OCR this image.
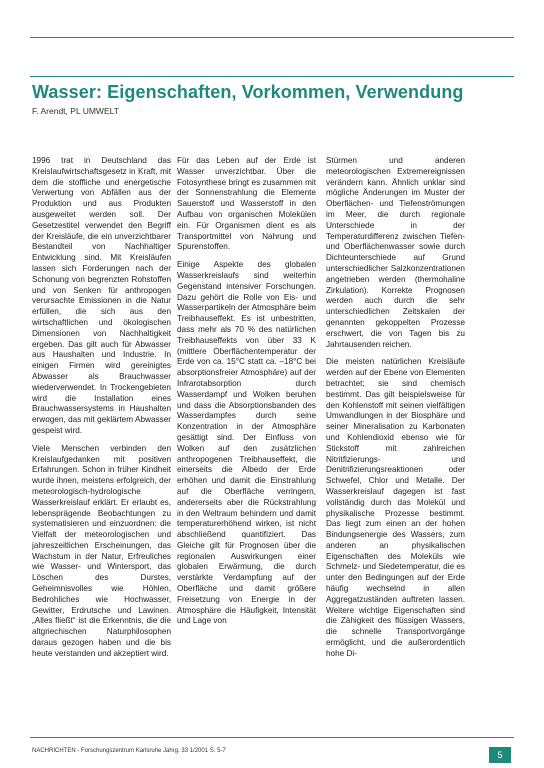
Wasser: Eigenschaften, Vorkommen, Verwendung
F. Arendt, PL UMWELT

1996 trat in Deutschland das Kreislaufwirtschaftsgesetz in Kraft, mit dem die stoffliche und energetische Verwertung von Abfällen aus der Produktion und aus Produkten ausgeweitet werden soll. Der Gesetzestitel verwendet den Begriff der Kreisläufe, die ein unverzichtbarer Bestandteil von Nachhaltiger Entwicklung sind. Mit Kreisläufen lassen sich Forderungen nach der Schonung von begrenzten Rohstoffen und von Senken für anthropogen verursachte Emissionen in die Natur erfüllen, die sich aus den wirtschaftlichen und ökologischen Dimensionen von Nachhaltigkeit ergeben. Das gilt auch für Abwasser aus Haushalten und Industrie. In einigen Firmen wird gereinigtes Abwasser als Brauchwasser wiederverwendet. In Trockengebieten wird die Installation eines Brauchwassersystems in Haushalten erwogen, das mit geklärtem Abwasser gespeist wird.

Viele Menschen verbinden den Kreislaufgedanken mit positiven Erfahrungen. Schon in früher Kindheit wurde ihnen, meistens erfolgreich, der meteorologisch-hydrologische Wasserkreislauf erklärt. Er erlaubt es, lebensprägende Beobachtungen zu systematisieren und einzuordnen: die Vielfalt der meteorologischen und jahreszeitlichen Erscheinungen, das Wachstum in der Natur, Erfreuliches wie Wasser- und Wintersport, das Löschen des Durstes, Geheimnisvolles wie Höhlen, Bedrohliches wie Hochwasser, Gewitter, Erdrutsche und Lawinen. „Alles fließt“ ist die Erkenntnis, die die altgriechischen Naturphilosophen daraus gezogen haben und die bis heute verstanden und akzeptiert wird.

Für das Leben auf der Erde ist Wasser unverzichtbar. Über die Fotosynthese bringt es zusammen mit der Sonnenstrahlung die Elemente Sauerstoff und Wasserstoff in den Aufbau von organischen Molekülen ein. Für Organismen dient es als Transportmittel von Nahrung und Spurenstoffen.

Einige Aspekte des globalen Wasserkreislaufs sind weiterhin Gegenstand intensiver Forschungen. Dazu gehört die Rolle von Eis- und Wasserpartikeln der Atmosphäre beim Treibhauseffekt. Es ist unbestritten, dass mehr als 70 % des natürlichen Treibhauseffekts von über 33 K (mittlere Oberflächentemperatur der Erde von ca. 15°C statt ca. –18°C bei absorptionsfreier Atmosphäre) auf der Infrarotabsorption durch Wasserdampf und Wolken beruhen und dass die Absorptionsbanden des Wasserdampfes durch seine Konzentration in der Atmosphäre gesättigt sind. Der Einfluss von Wolken auf den zusätzlichen anthropogenen Treibhauseffekt, die einerseits die Albedo der Erde erhöhen und damit die Einstrahlung auf die Oberfläche verringern, andererseits aber die Rückstrahlung in den Weltraum behindern und damit temperaturerhöhend wirken, ist nicht abschließend quantifiziert. Das Gleiche gilt für Prognosen über die regionalen Auswirkungen einer globalen Erwärmung, die durch verstärkte Verdampfung auf der Oberfläche und damit größere Freisetzung von Energie in der Atmosphäre die Häufigkeit, Intensität und Lage von

Stürmen und anderen meteorologischen Extremereignissen verändern kann. Ähnlich unklar sind mögliche Änderungen im Muster der Oberflächen- und Tiefenströmungen im Meer, die durch regionale Unterschiede in der Temperaturdifferenz zwischen Tiefen- und Oberflächenwasser sowie durch Dichteunterschiede auf Grund unterschiedlicher Salzkonzentrationen angetrieben werden (thermohaline Zirkulation). Korrekte Prognosen werden auch durch die sehr unterschiedlichen Zeitskalen der genannten gekoppelten Prozesse erschwert, die von Tagen bis zu Jahrtausenden reichen.

Die meisten natürlichen Kreisläufe werden auf der Ebene von Elementen betrachtet; sie sind chemisch bestimmt. Das gilt beispielsweise für den Kohlenstoff mit seinen vielfältigen Umwandlungen in der Biosphäre und seiner Mineralisation zu Karbonaten und Kohlendioxid ebenso wie für Stickstoff mit zahlreichen Nitritfizierungs- und Denitrifizierungsreaktionen oder Schwefel, Chlor und Metalle. Der Wasserkreislauf dagegen ist fast vollständig durch das Molekül und physikalische Prozesse bestimmt. Das liegt zum einen an der hohen Bindungsenergie des Wassers, zum anderen an physikalischen Eigenschaften des Moleküls wie Schmelz- und Siedetemperatur, die es unter den Bedingungen auf der Erde häufig wechselnd in allen Aggregatzuständen auftreten lassen. Weitere wichtige Eigenschaften sind die Zähigkeit des flüssigen Wassers, die schnelle Transportvorgänge ermöglicht, und die außerordentlich hohe Di-

NACHRICHTEN - Forschungszentrum Karlsruhe Jahrg. 33 1/2001 S. 5-7	5
